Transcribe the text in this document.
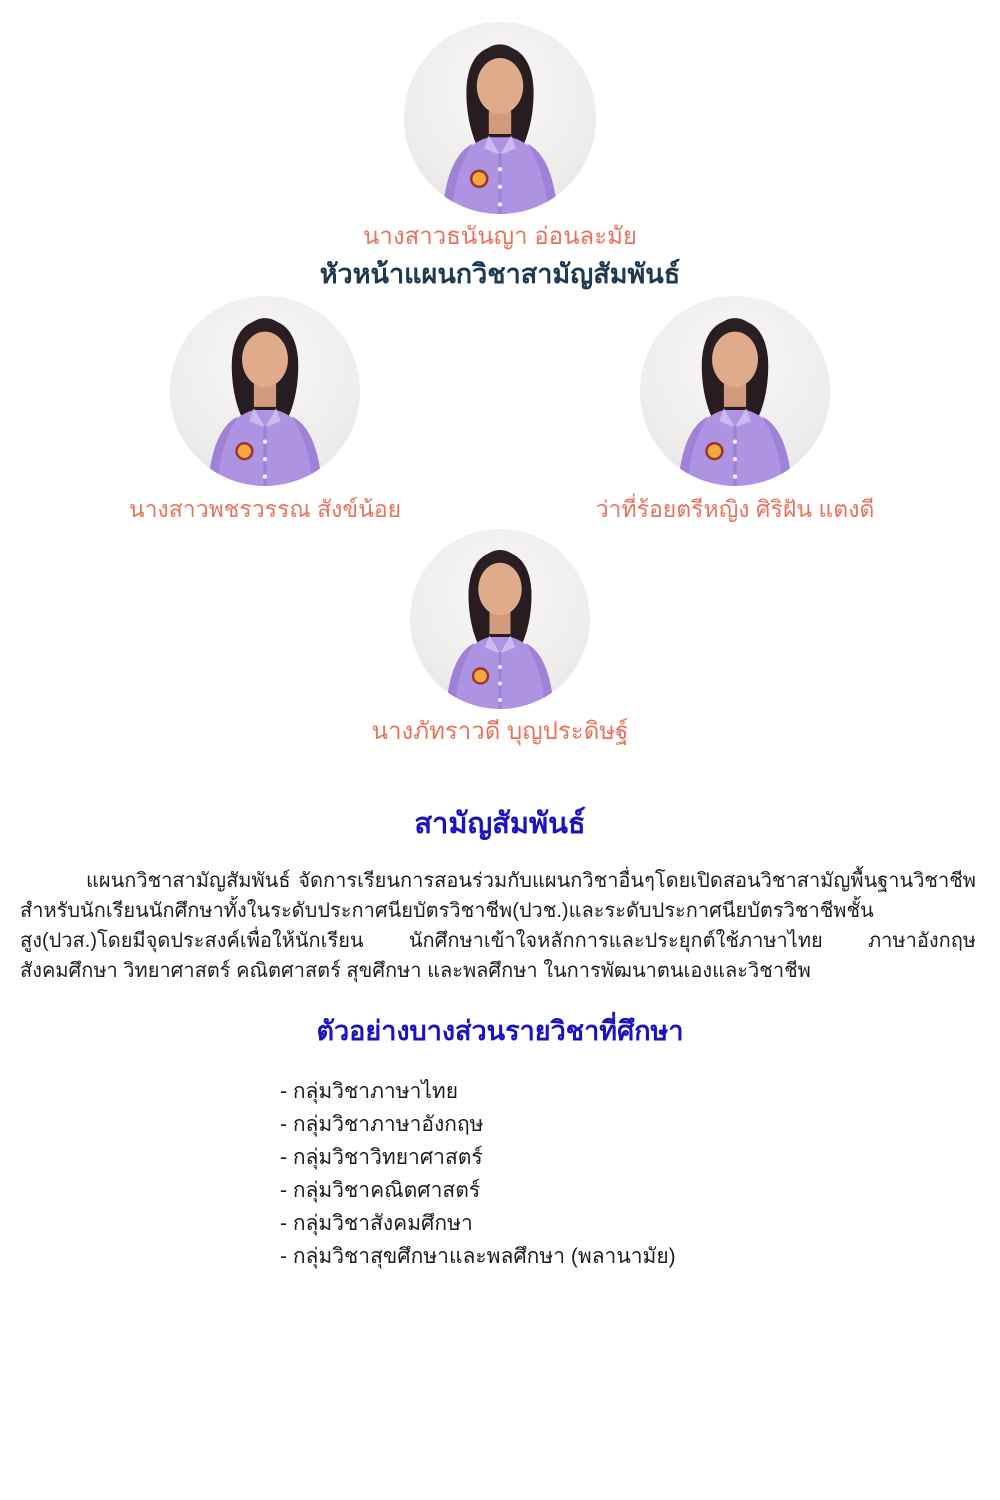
นางสาวธนันญา อ่อนละมัย
หัวหน้าแผนกวิชาสามัญสัมพันธ์
นางสาวพชรวรรณ สังข์น้อย	ว่าที่ร้อยตรีหญิง ศิริฝัน แตงดี
นางภัทราวดี บุญประดิษฐ์
สามัญสัมพันธ์

แผนกวิชาสามัญสัมพันธ์ จัดการเรียนการสอนร่วมกับแผนกวิชาอื่นๆโดยเปิดสอนวิชาสามัญพื้นฐานวิชาชีพสำหรับนักเรียนนักศึกษาทั้งในระดับประกาศนียบัตรวิชาชีพ(ปวช.)และระดับประกาศนียบัตรวิชาชีพชั้นสูง(ปวส.)โดยมีจุดประสงค์เพื่อให้นักเรียน นักศึกษาเข้าใจหลักการและประยุกต์ใช้ภาษาไทย ภาษาอังกฤษ สังคมศึกษา วิทยาศาสตร์ คณิตศาสตร์ สุขศึกษา และพลศึกษา ในการพัฒนาตนเองและวิชาชีพ

ตัวอย่างบางส่วนรายวิชาที่ศึกษา
- กลุ่มวิชาภาษาไทย
- กลุ่มวิชาภาษาอังกฤษ
- กลุ่มวิชาวิทยาศาสตร์
- กลุ่มวิชาคณิตศาสตร์
- กลุ่มวิชาสังคมศึกษา
- กลุ่มวิชาสุขศึกษาและพลศึกษา (พลานามัย)
